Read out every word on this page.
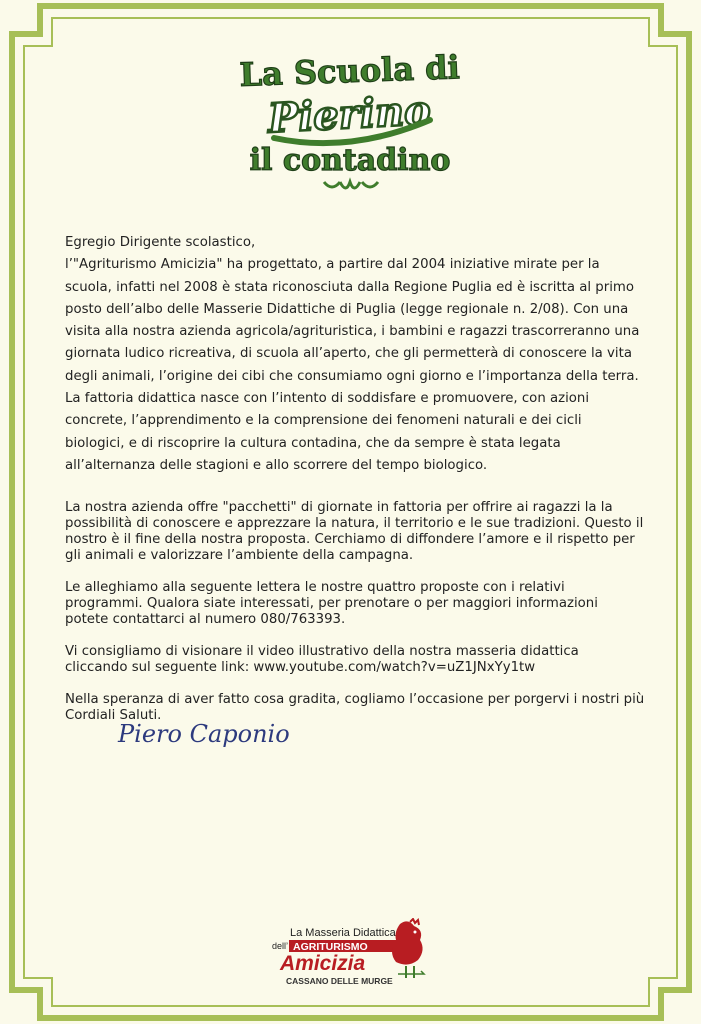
La Scuola di
Pierino
il contadino
Egregio Dirigente scolastico,
l’"Agriturismo Amicizia" ha progettato, a partire dal 2004 iniziative mirate per la scuola, infatti nel 2008 è stata riconosciuta dalla Regione Puglia ed è iscritta al primo posto dell’albo delle Masserie Didattiche di Puglia (legge regionale n. 2/08). Con una visita alla nostra azienda agricola/agrituristica, i bambini e ragazzi trascorreranno una giornata ludico ricreativa, di scuola all’aperto, che gli permetterà di conoscere la vita degli animali, l’origine dei cibi che consumiamo ogni giorno e l’importanza della terra.
La fattoria didattica nasce con l’intento di soddisfare e promuovere, con azioni concrete, l’apprendimento e la comprensione dei fenomeni naturali e dei cicli biologici, e di riscoprire la cultura contadina, che da sempre è stata legata all’alternanza delle stagioni e allo scorrere del tempo biologico.
La nostra azienda offre "pacchetti" di giornate in fattoria per offrire ai ragazzi la la possibilità di conoscere e apprezzare la natura, il territorio e le sue tradizioni. Questo il nostro è il fine della nostra proposta. Cerchiamo di diffondere l’amore e il rispetto per gli animali e valorizzare l’ambiente della campagna.
Le alleghiamo alla seguente lettera le nostre quattro proposte con i relativi programmi. Qualora siate interessati, per prenotare o per maggiori informazioni potete contattarci al numero 080/763393.
Vi consigliamo di visionare il video illustrativo della nostra masseria didattica cliccando sul seguente link: www.youtube.com/watch?v=uZ1JNxYy1tw
Nella speranza di aver fatto cosa gradita, cogliamo l’occasione per porgervi i nostri più Cordiali Saluti.
Piero Caponio
La Masseria Didattica
dell’ AGRITURISMO
Amicizia
CASSANO DELLE MURGE
